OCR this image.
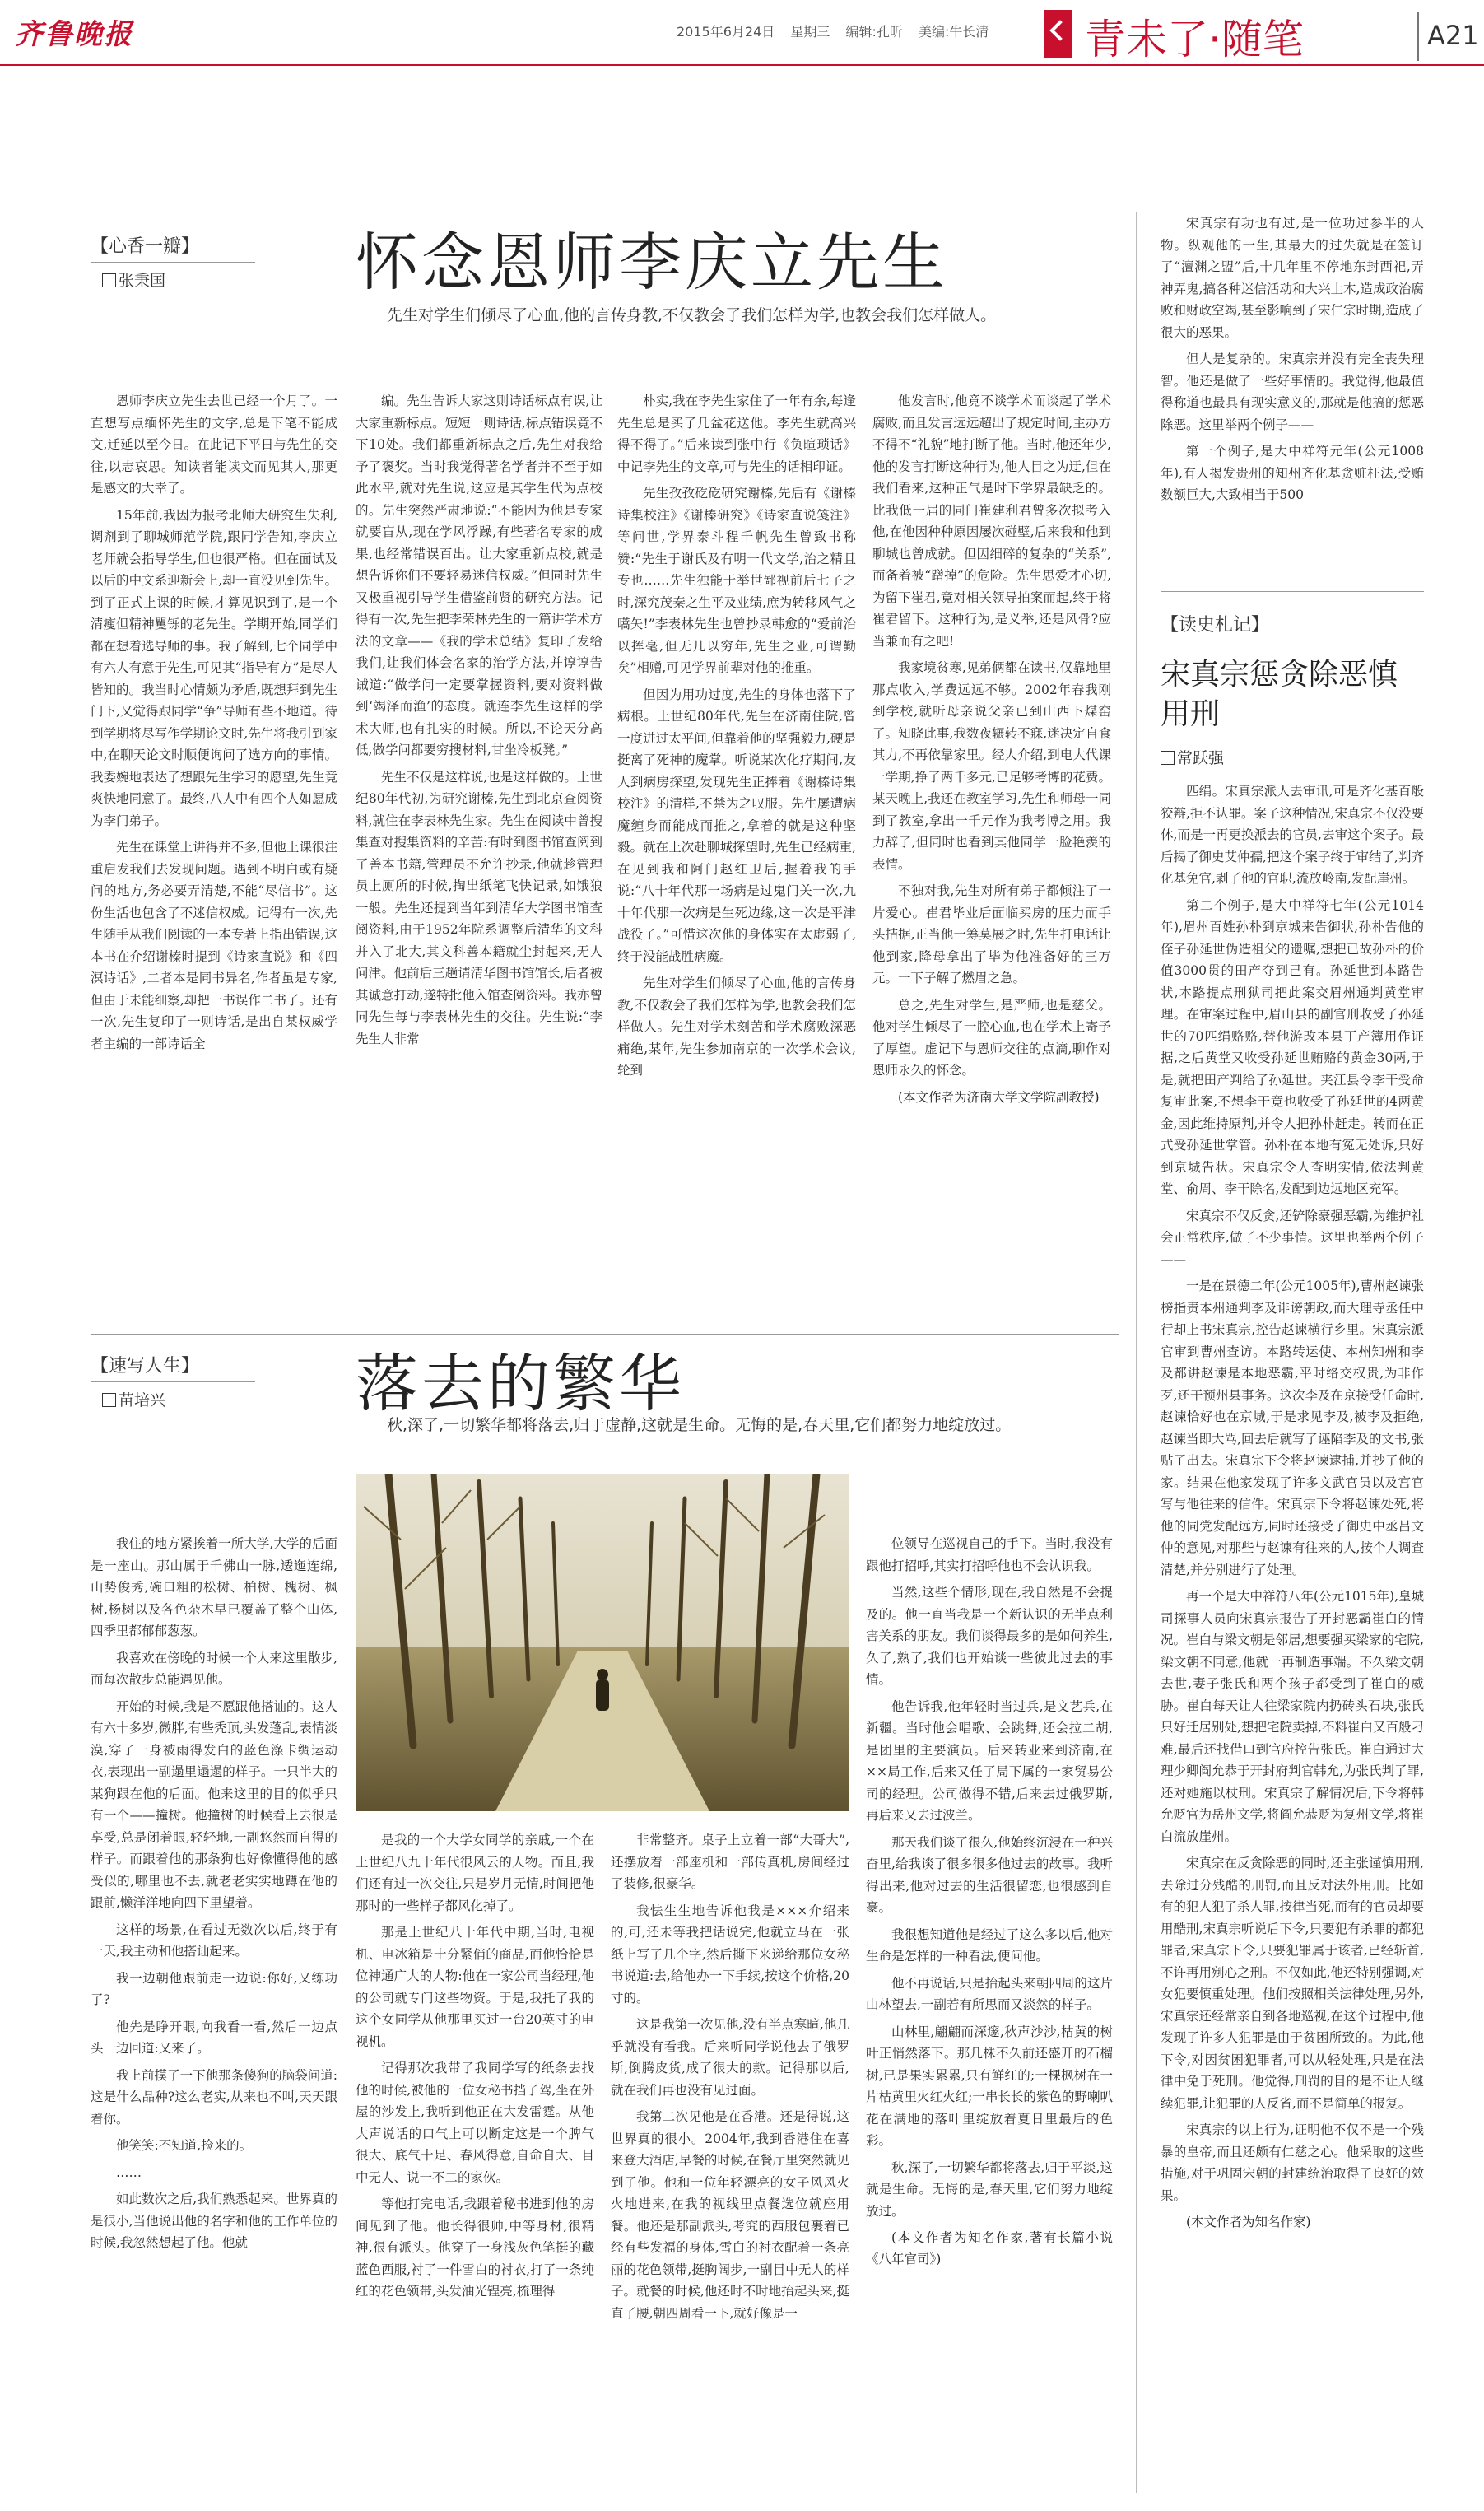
齐鲁晚报	2015年6月24日 星期三 编辑:孔昕 美编:牛长清 青未了·随笔	A21
【心香一瓣】
张秉国	怀念恩师李庆立先生
先生对学生们倾尽了心血,他的言传身教,不仅教会了我们怎样为学,也教会我们怎样做人。

恩师李庆立先生去世已经一个月了。一直想写点缅怀先生的文字,总是下笔不能成文,迁延以至今日。在此记下平日与先生的交往,以志哀思。知读者能读文而见其人,那更是感文的大幸了。

15年前,我因为报考北师大研究生失利,调剂到了聊城师范学院,跟同学告知,李庆立老师就会指导学生,但也很严格。但在面试及以后的中文系迎新会上,却一直没见到先生。到了正式上课的时候,才算见识到了,是一个清瘦但精神矍铄的老先生。学期开始,同学们都在想着选导师的事。我了解到,七个同学中有六人有意于先生,可见其“指导有方”是尽人皆知的。我当时心情颇为矛盾,既想拜到先生门下,又觉得跟同学“争”导师有些不地道。待到学期将尽写作学期论文时,先生将我引到家中,在聊天论文时顺便询问了选方向的事情。我委婉地表达了想跟先生学习的愿望,先生竟爽快地同意了。最终,八人中有四个人如愿成为李门弟子。

先生在课堂上讲得并不多,但他上课很注重启发我们去发现问题。遇到不明白或有疑问的地方,务必要弄清楚,不能“尽信书”。这份生活也包含了不迷信权威。记得有一次,先生随手从我们阅读的一本专著上指出错误,这本书在介绍谢榛时提到《诗家直说》和《四溟诗话》,二者本是同书异名,作者虽是专家,但由于未能细察,却把一书误作二书了。还有一次,先生复印了一则诗话,是出自某权威学者主编的一部诗话全

编。先生告诉大家这则诗话标点有误,让大家重新标点。短短一则诗话,标点错误竟不下10处。我们都重新标点之后,先生对我给予了褒奖。当时我觉得著名学者并不至于如此水平,就对先生说,这应是其学生代为点校的。先生突然严肃地说:“不能因为他是专家就要盲从,现在学风浮躁,有些著名专家的成果,也经常错误百出。让大家重新点校,就是想告诉你们不要轻易迷信权威。”但同时先生又极重视引导学生借鉴前贤的研究方法。记得有一次,先生把李荣林先生的一篇讲学术方法的文章——《我的学术总结》复印了发给我们,让我们体会名家的治学方法,并谆谆告诫道:“做学问一定要掌握资料,要对资料做到‘竭泽而渔’的态度。就连李先生这样的学术大师,也有扎实的时候。所以,不论天分高低,做学问都要穷搜材料,甘坐冷板凳。”

先生不仅是这样说,也是这样做的。上世纪80年代初,为研究谢榛,先生到北京查阅资料,就住在李表林先生家。先生在阅读中曾搜集查对搜集资料的辛苦:有时到图书馆查阅到了善本书籍,管理员不允许抄录,他就趁管理员上厕所的时候,掏出纸笔飞快记录,如饿狼一般。先生还提到当年到清华大学图书馆查阅资料,由于1952年院系调整后清华的文科并入了北大,其文科善本籍就尘封起来,无人问津。他前后三趟请清华图书馆馆长,后者被其诚意打动,遂特批他入馆查阅资料。我亦曾同先生每与李表林先生的交往。先生说:“李先生人非常

朴实,我在李先生家住了一年有余,每逢先生总是买了几盆花送他。李先生就高兴得不得了。”后来读到张中行《负暄琐话》中记李先生的文章,可与先生的话相印证。

先生孜孜矻矻研究谢榛,先后有《谢榛诗集校注》《谢榛研究》《诗家直说笺注》等问世,学界泰斗程千帆先生曾致书称赞:“先生于谢氏及有明一代文学,治之精且专也……先生独能于举世鄙视前后七子之时,深究茂秦之生平及业绩,庶为转移风气之嚆矢!”李表林先生也曾抄录韩愈的“爱前治以挥毫,但无几以穷年,先生之业,可谓勤矣”相赠,可见学界前辈对他的推重。

但因为用功过度,先生的身体也落下了病根。上世纪80年代,先生在济南住院,曾一度进过太平间,但靠着他的坚强毅力,硬是挺离了死神的魔掌。听说某次化疗期间,友人到病房探望,发现先生正捧着《谢榛诗集校注》的清样,不禁为之叹服。先生屡遭病魔缠身而能成而推之,拿着的就是这种坚毅。就在上次赴聊城探望时,先生已经病重,在见到我和阿门赵红卫后,握着我的手说:“八十年代那一场病是过鬼门关一次,九十年代那一次病是生死边缘,这一次是平津战役了。”可惜这次他的身体实在太虚弱了,终于没能战胜病魔。

先生对学生们倾尽了心血,他的言传身教,不仅教会了我们怎样为学,也教会我们怎样做人。先生对学术刻苦和学术腐败深恶痛绝,某年,先生参加南京的一次学术会议,轮到

他发言时,他竟不谈学术而谈起了学术腐败,而且发言远远超出了规定时间,主办方不得不“礼貌”地打断了他。当时,他还年少,他的发言打断这种行为,他人目之为迂,但在我们看来,这种正气是时下学界最缺乏的。比我低一届的同门崔建利君曾多次拟考入他,在他因种种原因屡次碰壁,后来我和他到聊城也曾成就。但因细碎的复杂的“关系”,而备着被“蹭掉”的危险。先生思爱才心切,为留下崔君,竟对相关领导拍案而起,终于将崔君留下。这种行为,是义举,还是风骨?应当兼而有之吧!

我家境贫寒,见弟俩都在读书,仅靠地里那点收入,学费远远不够。2002年春我刚到学校,就听母亲说父亲已到山西下煤窑了。知晓此事,我数夜辗转不寐,迷决定自食其力,不再依靠家里。经人介绍,到电大代课一学期,挣了两千多元,已足够考博的花费。某天晚上,我还在教室学习,先生和师母一同到了教室,拿出一千元作为我考博之用。我力辞了,但同时也看到其他同学一脸艳羡的表情。

不独对我,先生对所有弟子都倾注了一片爱心。崔君毕业后面临买房的压力而手头拮据,正当他一筹莫展之时,先生打电话让他到家,降母拿出了毕为他准备好的三万元。一下子解了燃眉之急。

总之,先生对学生,是严师,也是慈父。他对学生倾尽了一腔心血,也在学术上寄予了厚望。虚记下与恩师交往的点滴,聊作对恩师永久的怀念。

(本文作者为济南大学文学院副教授)

【速写人生】
苗培兴	落去的繁华
秋,深了,一切繁华都将落去,归于虚静,这就是生命。无悔的是,春天里,它们都努力地绽放过。

我住的地方紧挨着一所大学,大学的后面是一座山。那山属于千佛山一脉,逶迤连绵,山势俊秀,碗口粗的松树、柏树、槐树、枫树,杨树以及各色杂木早已覆盖了整个山体,四季里都郁郁葱葱。

我喜欢在傍晚的时候一个人来这里散步,而每次散步总能遇见他。

开始的时候,我是不愿跟他搭讪的。这人有六十多岁,微胖,有些秃顶,头发蓬乱,表情淡漠,穿了一身被雨得发白的蓝色涤卡绸运动衣,表现出一副遢里遢遢的样子。一只半大的某狗跟在他的后面。他来这里的目的似乎只有一个——撞树。他撞树的时候看上去很是享受,总是闭着眼,轻轻地,一副悠然而自得的样子。而跟着他的那条狗也好像懂得他的感受似的,哪里也不去,就老老实实地蹲在他的跟前,懒洋洋地向四下里望着。

这样的场景,在看过无数次以后,终于有一天,我主动和他搭讪起来。

我一边朝他跟前走一边说:你好,又练功了?

他先是睁开眼,向我看一看,然后一边点头一边回道:又来了。

我上前摸了一下他那条傻狗的脑袋问道:这是什么品种?这么老实,从来也不叫,天天跟着你。

他笑笑:不知道,捡来的。

……

如此数次之后,我们熟悉起来。世界真的是很小,当他说出他的名字和他的工作单位的时候,我忽然想起了他。他就

是我的一个大学女同学的亲戚,一个在上世纪八九十年代很风云的人物。而且,我们还有过一次交往,只是岁月无情,时间把他那时的一些样子都风化掉了。

那是上世纪八十年代中期,当时,电视机、电冰箱是十分紧俏的商品,而他恰恰是位神通广大的人物:他在一家公司当经理,他的公司就专门这些物资。于是,我托了我的这个女同学从他那里买过一台20英寸的电视机。

记得那次我带了我同学写的纸条去找他的时候,被他的一位女秘书挡了驾,坐在外屋的沙发上,我听到他正在大发雷霆。从他大声说话的口气上可以断定这是一个脾气很大、底气十足、春风得意,自命自大、目中无人、说一不二的家伙。

等他打完电话,我跟着秘书进到他的房间见到了他。他长得很帅,中等身材,很精神,很有派头。他穿了一身浅灰色笔挺的藏蓝色西服,衬了一件雪白的衬衣,打了一条纯红的花色领带,头发油光锃亮,梳理得

非常整齐。桌子上立着一部“大哥大”,还摆放着一部座机和一部传真机,房间经过了装修,很豪华。

我怯生生地告诉他我是×××介绍来的,可,还未等我把话说完,他就立马在一张纸上写了几个字,然后撕下来递给那位女秘书说道:去,给他办一下手续,按这个价格,20寸的。

这是我第一次见他,没有半点寒暄,他几乎就没有看我。后来听同学说他去了俄罗斯,倒腾皮货,成了很大的款。记得那以后,就在我们再也没有见过面。

我第二次见他是在香港。还是得说,这世界真的很小。2004年,我到香港住在喜来登大酒店,早餐的时候,在餐厅里突然就见到了他。他和一位年轻漂亮的女子风风火火地进来,在我的视线里点餐选位就座用餐。他还是那副派头,考究的西服包裹着已经有些发福的身体,雪白的衬衣配着一条亮丽的花色领带,挺胸阔步,一副目中无人的样子。就餐的时候,他还时不时地抬起头来,挺直了腰,朝四周看一下,就好像是一

位领导在巡视自己的手下。当时,我没有跟他打招呼,其实打招呼他也不会认识我。

当然,这些个情形,现在,我自然是不会提及的。他一直当我是一个新认识的无半点利害关系的朋友。我们谈得最多的是如何养生,久了,熟了,我们也开始谈一些彼此过去的事情。

他告诉我,他年轻时当过兵,是文艺兵,在新疆。当时他会唱歌、会跳舞,还会拉二胡,是团里的主要演员。后来转业来到济南,在××局工作,后来又任了局下属的一家贸易公司的经理。公司做得不错,后来去过俄罗斯,再后来又去过波兰。

那天我们谈了很久,他始终沉浸在一种兴奋里,给我谈了很多很多他过去的故事。我听得出来,他对过去的生活很留恋,也很感到自豪。

我很想知道他是经过了这么多以后,他对生命是怎样的一种看法,便问他。

他不再说话,只是抬起头来朝四周的这片山林望去,一副若有所思而又淡然的样子。

山林里,翩翩而深邃,秋声沙沙,枯黄的树叶正悄然落下。那几株不久前还盛开的石榴树,已是果实累累,只有鲜红的;一棵枫树在一片枯黄里火红火红;一串长长的紫色的野喇叭花在满地的落叶里绽放着夏日里最后的色彩。

秋,深了,一切繁华都将落去,归于平淡,这就是生命。无悔的是,春天里,它们努力地绽放过。

(本文作者为知名作家,著有长篇小说《八年官司》)

宋真宗有功也有过,是一位功过参半的人物。纵观他的一生,其最大的过失就是在签订了“澶渊之盟”后,十几年里不停地东封西祀,弄神弄鬼,搞各种迷信活动和大兴土木,造成政治腐败和财政空竭,甚至影响到了宋仁宗时期,造成了很大的恶果。

但人是复杂的。宋真宗并没有完全丧失理智。他还是做了一些好事情的。我觉得,他最值得称道也最具有现实意义的,那就是他搞的惩恶除恶。这里举两个例子——

第一个例子,是大中祥符元年(公元1008年),有人揭发贵州的知州齐化基贪赃枉法,受贿数额巨大,大致相当于500

【读史札记】
宋真宗惩贪除恶慎用刑
常跃强

匹绢。宋真宗派人去审讯,可是齐化基百般狡辩,拒不认罪。案子这种情况,宋真宗不仅没要休,而是一再更换派去的官员,去审这个案子。最后揭了御史艾仲孺,把这个案子终于审结了,判齐化基免官,剥了他的官职,流放岭南,发配崖州。

第二个例子,是大中祥符七年(公元1014年),眉州百姓孙朴到京城来告御状,孙朴告他的侄子孙延世伪造祖父的遗嘱,想把已故孙朴的价值3000贯的田产夺到己有。孙延世到本路告状,本路提点刑狱司把此案交眉州通判黄堂审理。在审案过程中,眉山县的副官刑收受了孙延世的70匹绢赂赂,替他游改本县丁产簿用作证据,之后黄堂又收受孙延世贿赂的黄金30两,于是,就把田产判给了孙延世。夹江县令李干受命复审此案,不想李干竟也收受了孙延世的4两黄金,因此维持原判,并令人把孙朴赶走。转而在正式受孙延世掌管。孙朴在本地有冤无处诉,只好到京城告状。宋真宗令人查明实情,依法判黄堂、俞周、李干除名,发配到边远地区充军。

宋真宗不仅反贪,还铲除豪强恶霸,为维护社会正常秩序,做了不少事情。这里也举两个例子——

一是在景德二年(公元1005年),曹州赵谏张榜指责本州通判李及诽谤朝政,而大理寺丞任中行却上书宋真宗,控告赵谏横行乡里。宋真宗派官审到曹州查访。本路转运使、本州知州和李及都讲赵谏是本地恶霸,平时络交权贵,为非作歹,还干预州县事务。这次李及在京接受任命时,赵谏恰好也在京城,于是求见李及,被李及拒绝,赵谏当即大骂,回去后就写了诬陷李及的文书,张贴了出去。宋真宗下令将赵谏逮捕,并抄了他的家。结果在他家发现了许多文武官员以及宫官写与他往来的信件。宋真宗下令将赵谏处死,将他的同党发配远方,同时还接受了御史中丞吕文仲的意见,对那些与赵谏有往来的人,按个人调查清楚,并分别进行了处理。

再一个是大中祥符八年(公元1015年),皇城司探事人员向宋真宗报告了开封恶霸崔白的情况。崔白与梁文朝是邻居,想要强买梁家的宅院,梁文朝不同意,他就一再制造事端。不久梁文朝去世,妻子张氏和两个孩子都受到了崔白的威胁。崔白每天让人往梁家院内扔砖头石块,张氏只好迁居别处,想把宅院卖掉,不料崔白又百般刁难,最后还找借口到官府控告张氏。崔白通过大理少卿阎允恭于开封府判官韩允,为张氏判了罪,还对她施以杖刑。宋真宗了解情况后,下令将韩允贬官为岳州文学,将阎允恭贬为复州文学,将崔白流放崖州。

宋真宗在反贪除恶的同时,还主张谨慎用刑,去除过分残酷的刑罚,而且反对法外用刑。比如有的犯人犯了杀人罪,按律当死,而有的官员却要用酷刑,宋真宗听说后下令,只要犯有杀罪的都犯罪者,宋真宗下令,只要犯罪属于该者,已经斩首,不许再用剜心之刑。不仅如此,他还特别强调,对女犯要慎重处理。他们按照相关法律处理,另外,宋真宗还经常亲自到各地巡视,在这个过程中,他发现了许多人犯罪是由于贫困所致的。为此,他下令,对因贫困犯罪者,可以从轻处理,只是在法律中免于死刑。他觉得,刑罚的目的是不让人继续犯罪,让犯罪的人反省,而不是简单的报复。

宋真宗的以上行为,证明他不仅不是一个残暴的皇帝,而且还颇有仁慈之心。他采取的这些措施,对于巩固宋朝的封建统治取得了良好的效果。

(本文作者为知名作家)
